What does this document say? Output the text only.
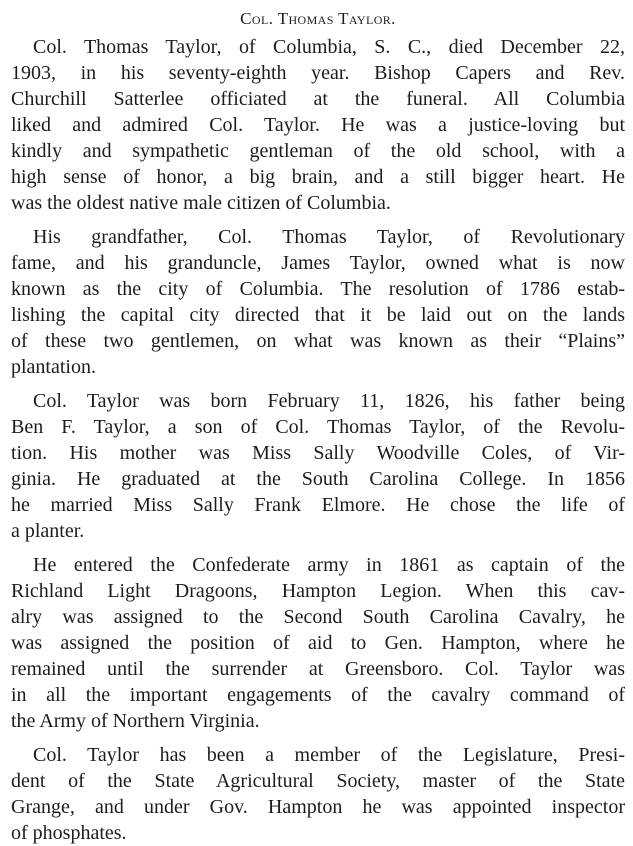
Col. Thomas Taylor.
Col. Thomas Taylor, of Columbia, S. C., died December 22,
1903, in his seventy-eighth year. Bishop Capers and Rev.
Churchill Satterlee officiated at the funeral. All Columbia
liked and admired Col. Taylor. He was a justice-loving but
kindly and sympathetic gentleman of the old school, with a
high sense of honor, a big brain, and a still bigger heart. He
was the oldest native male citizen of Columbia.
His grandfather, Col. Thomas Taylor, of Revolutionary
fame, and his granduncle, James Taylor, owned what is now
known as the city of Columbia. The resolution of 1786 estab-
lishing the capital city directed that it be laid out on the lands
of these two gentlemen, on what was known as their “Plains”
plantation.
Col. Taylor was born February 11, 1826, his father being
Ben F. Taylor, a son of Col. Thomas Taylor, of the Revolu-
tion. His mother was Miss Sally Woodville Coles, of Vir-
ginia. He graduated at the South Carolina College. In 1856
he married Miss Sally Frank Elmore. He chose the life of
a planter.
He entered the Confederate army in 1861 as captain of the
Richland Light Dragoons, Hampton Legion. When this cav-
alry was assigned to the Second South Carolina Cavalry, he
was assigned the position of aid to Gen. Hampton, where he
remained until the surrender at Greensboro. Col. Taylor was
in all the important engagements of the cavalry command of
the Army of Northern Virginia.
Col. Taylor has been a member of the Legislature, Presi-
dent of the State Agricultural Society, master of the State
Grange, and under Gov. Hampton he was appointed inspector
of phosphates.
